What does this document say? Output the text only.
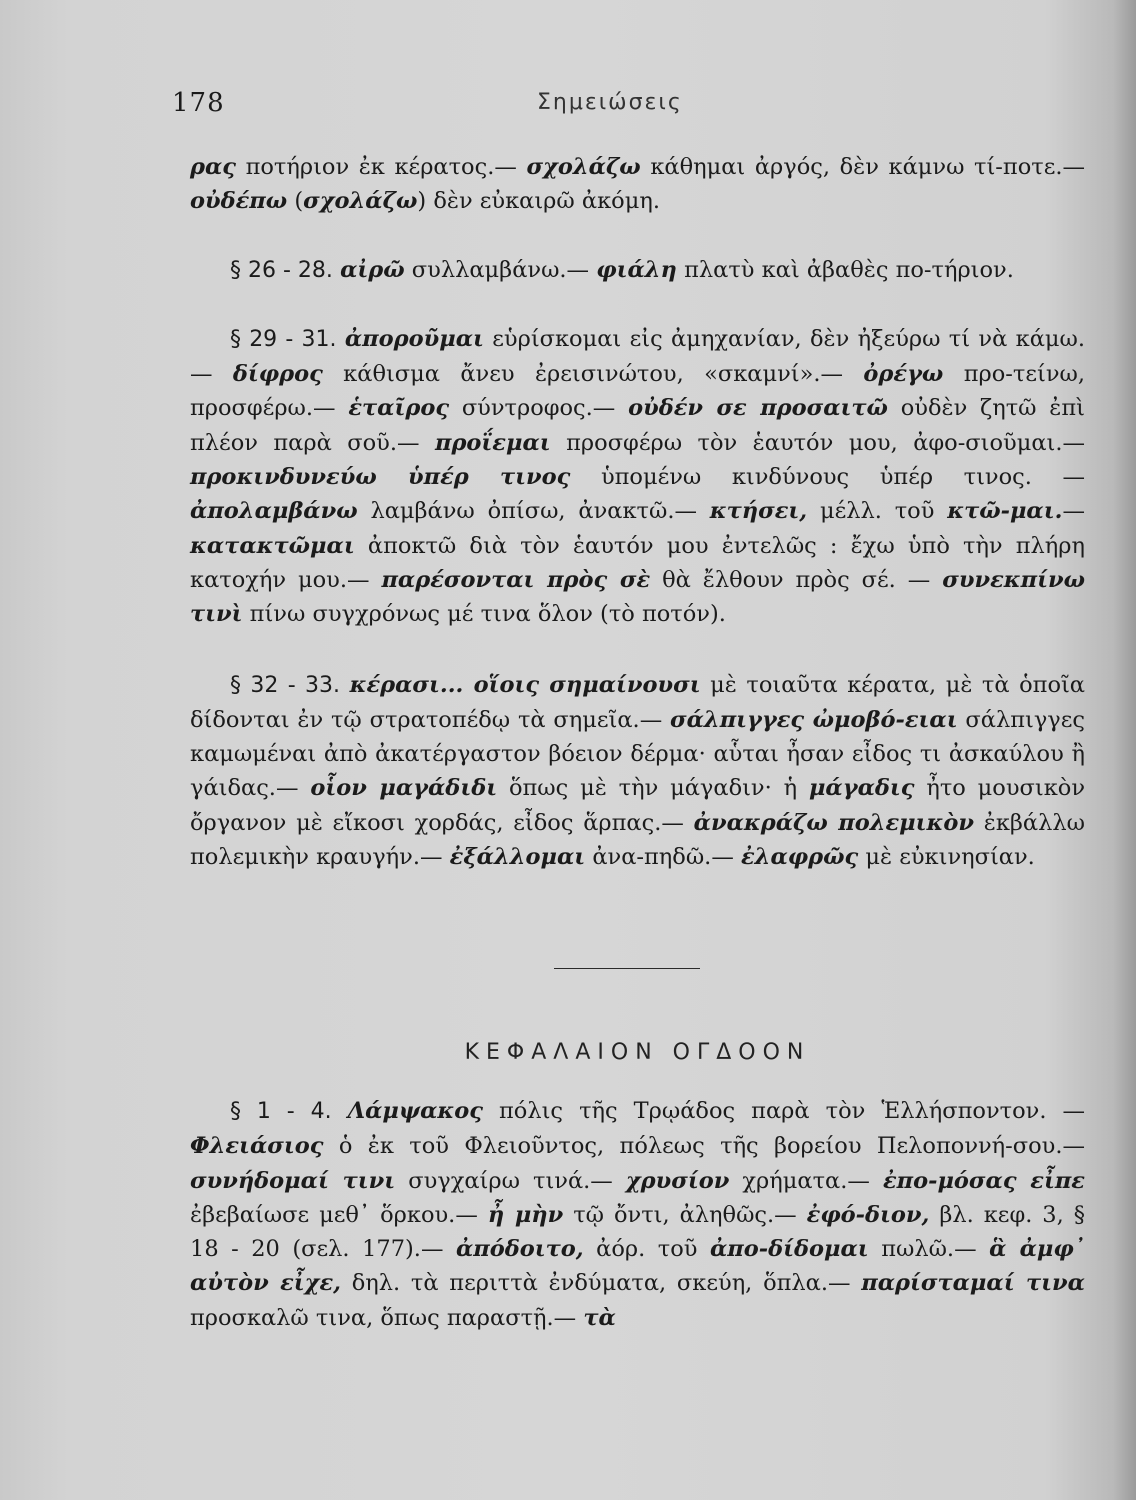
178	Σημειώσεις

ρας ποτήριον ἐκ κέρατος.— σχολάζω κάθημαι ἀργός, δὲν κάμνω τί-ποτε.— οὐδέπω (σχολάζω) δὲν εὐκαιρῶ ἀκόμη.

§ 26 - 28. αἰρῶ συλλαμβάνω.— φιάλη πλατὺ καὶ ἀβαθὲς πο-τήριον.

§ 29 - 31. ἀποροῦμαι εὑρίσκομαι εἰς ἀμηχανίαν, δὲν ἠξεύρω τί νὰ κάμω.— δίφρος κάθισμα ἄνευ ἐρεισινώτου, «σκαμνί».— ὀρέγω προ-τείνω, προσφέρω.— ἑταῖρος σύντροφος.— οὐδέν σε προσαιτῶ οὐδὲν ζητῶ ἐπὶ πλέον παρὰ σοῦ.— προΐεμαι προσφέρω τὸν ἑαυτόν μου, ἀφο-σιοῦμαι.— προκινδυνεύω ὑπέρ τινος ὑπομένω κινδύνους ὑπέρ τινος. — ἀπολαμβάνω λαμβάνω ὀπίσω, ἀνακτῶ.— κτήσει, μέλλ. τοῦ κτῶ-μαι.— κατακτῶμαι ἀποκτῶ διὰ τὸν ἑαυτόν μου ἐντελῶς : ἔχω ὑπὸ τὴν πλήρη κατοχήν μου.— παρέσονται πρὸς σὲ θὰ ἔλθουν πρὸς σέ. — συνεκπίνω τινὶ πίνω συγχρόνως μέ τινα ὅλον (τὸ ποτόν).

§ 32 - 33. κέρασι... οἵοις σημαίνουσι μὲ τοιαῦτα κέρατα, μὲ τὰ ὁποῖα δίδονται ἐν τῷ στρατοπέδῳ τὰ σημεῖα.— σάλπιγγες ὠμοβό-ειαι σάλπιγγες καμωμέναι ἀπὸ ἀκατέργαστον βόειον δέρμα· αὗται ἦσαν εἶδος τι ἀσκαύλου ἢ γάιδας.— οἷον μαγάδιδι ὅπως μὲ τὴν μάγαδιν· ἡ μάγαδις ἦτο μουσικὸν ὄργανον μὲ εἴκοσι χορδάς, εἶδος ἅρπας.— ἀνακράζω πολεμικὸν ἐκβάλλω πολεμικὴν κραυγήν.— ἐξάλλομαι ἀνα-πηδῶ.— ἐλαφρῶς μὲ εὐκινησίαν.

ΚΕΦΑΛΑΙΟΝ ΟΓΔΟΟΝ

§ 1 - 4. Λάμψακος πόλις τῆς Τρῳάδος παρὰ τὸν Ἑλλήσποντον. — Φλειάσιος ὁ ἐκ τοῦ Φλειοῦντος, πόλεως τῆς βορείου Πελοποννή-σου.— συνήδομαί τινι συγχαίρω τινά.— χρυσίον χρήματα.— ἐπο-μόσας εἶπε ἐβεβαίωσε μεθ᾽ ὅρκου.— ἦ μὴν τῷ ὄντι, ἀληθῶς.— ἐφό-διον, βλ. κεφ. 3, § 18 - 20 (σελ. 177).— ἀπόδοιτο, ἀόρ. τοῦ ἀπο-δίδομαι πωλῶ.— ἃ ἀμφ᾽ αὐτὸν εἶχε, δηλ. τὰ περιττὰ ἐνδύματα, σκεύη, ὅπλα.— παρίσταμαί τινα προσκαλῶ τινα, ὅπως παραστῇ.— τὰ
